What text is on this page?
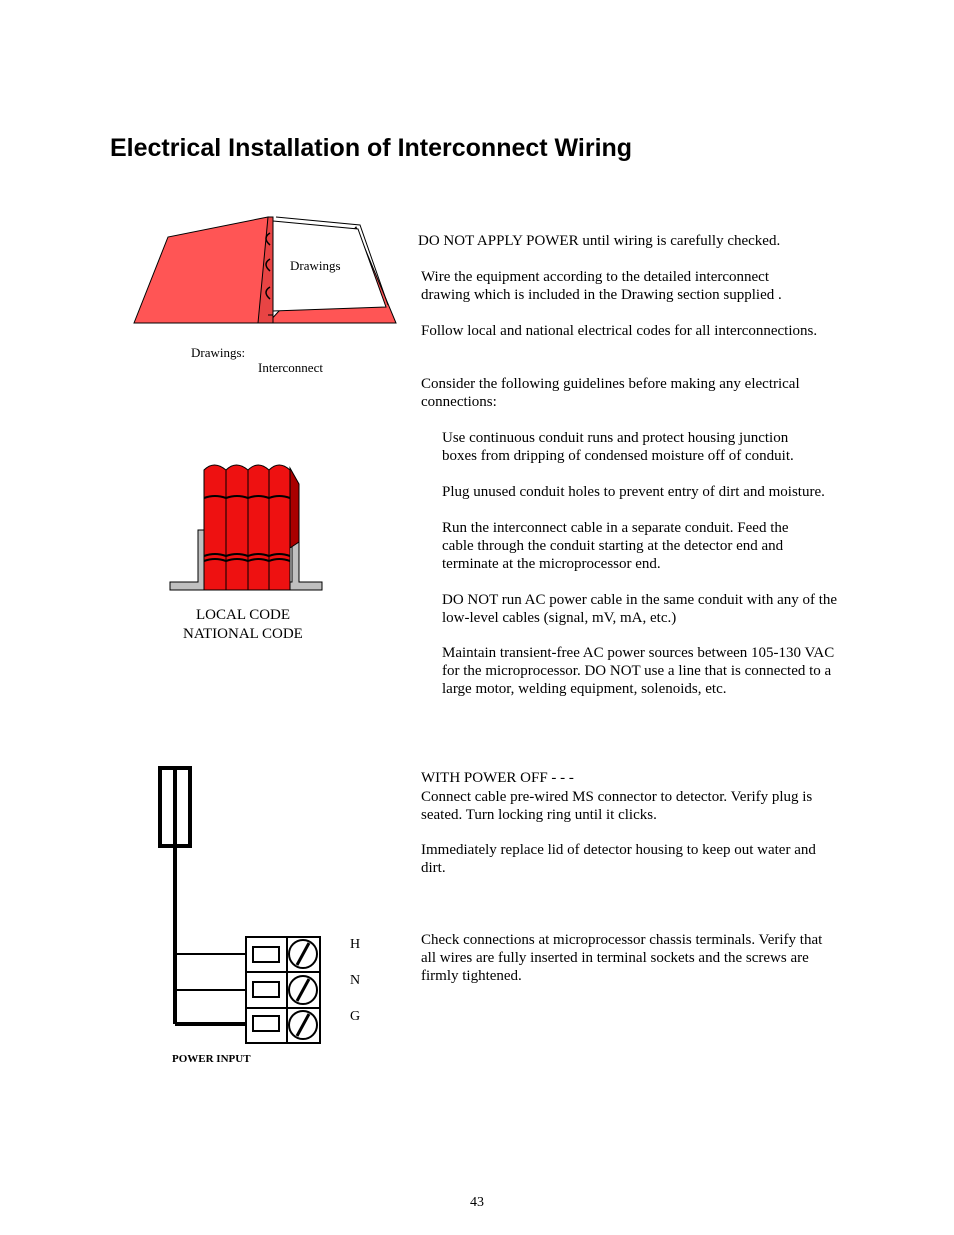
Electrical Installation of Interconnect Wiring
Drawings
Drawings:
Interconnect
LOCAL CODE
NATIONAL CODE
H
N
G
POWER INPUT

DO NOT APPLY POWER until wiring is carefully checked.

Wire the equipment according to the detailed interconnect drawing which is included in the Drawing section supplied .

Follow local and national electrical codes for all interconnections.

Consider the following guidelines before making any electrical connections:

Use continuous conduit runs and protect housing junction boxes from dripping of condensed moisture off of conduit.

Plug unused conduit holes to prevent entry of dirt and moisture.

Run the interconnect cable in a separate conduit. Feed the cable through the conduit starting at the detector end and terminate at the microprocessor end.

DO NOT run AC power cable in the same conduit with any of the low-level cables (signal, mV, mA, etc.)

Maintain transient-free AC power sources between 105-130 VAC for the microprocessor. DO NOT use a line that is connected to a large motor, welding equipment, solenoids, etc.

WITH POWER OFF - - -

Connect cable pre-wired MS connector to detector. Verify plug is seated. Turn locking ring until it clicks.

Immediately replace lid of detector housing to keep out water and dirt.

Check connections at microprocessor chassis terminals. Verify that all wires are fully inserted in terminal sockets and the screws are firmly tightened.

43
